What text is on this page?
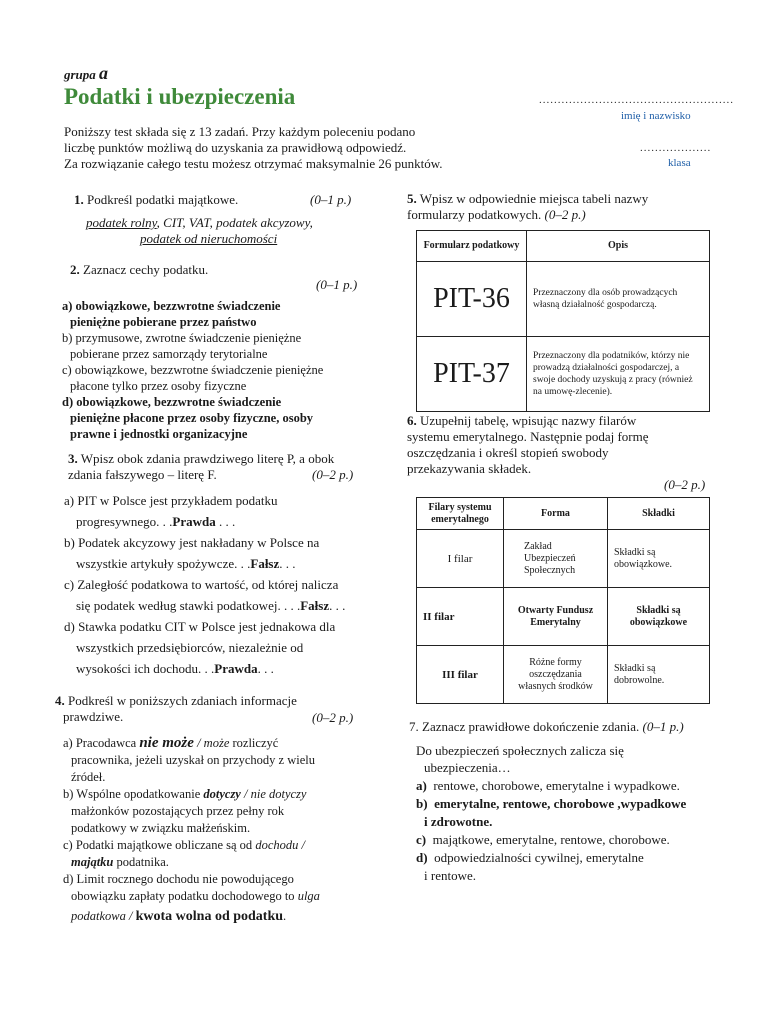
grupa a
Podatki i ubezpieczenia	....................................................
imię i nazwisko
...................
klasa
Poniższy test składa się z 13 zadań. Przy każdym poleceniu podano
liczbę punktów możliwą do uzyskania za prawidłową odpowiedź.
Za rozwiązanie całego testu możesz otrzymać maksymalnie 26 punktów.
1. Podkreśl podatki majątkowe.	(0–1 p.)
podatek rolny, CIT, VAT, podatek akcyzowy,
podatek od nieruchomości
2. Zaznacz cechy podatku.
(0–1 p.)
a) obowiązkowe, bezzwrotne świadczenie
pieniężne pobierane przez państwo
b) przymusowe, zwrotne świadczenie pieniężne
pobierane przez samorządy terytorialne
c) obowiązkowe, bezzwrotne świadczenie pieniężne
płacone tylko przez osoby fizyczne
d) obowiązkowe, bezzwrotne świadczenie
pieniężne płacone przez osoby fizyczne, osoby
prawne i jednostki organizacyjne
3. Wpisz obok zdania prawdziwego literę P, a obok
zdania fałszywego – literę F.	(0–2 p.)
a) PIT w Polsce jest przykładem podatku
progresywnego. . .Prawda . . .
b) Podatek akcyzowy jest nakładany w Polsce na
wszystkie artykuły spożywcze. . .Fałsz. . .
c) Zaległość podatkowa to wartość, od której nalicza
się podatek według stawki podatkowej. . . .Fałsz. . .
d) Stawka podatku CIT w Polsce jest jednakowa dla
wszystkich przedsiębiorców, niezależnie od
wysokości ich dochodu. . .Prawda. . .
4. Podkreśl w poniższych zdaniach informacje
prawdziwe.	(0–2 p.)
a) Pracodawca nie może / może rozliczyć
pracownika, jeżeli uzyskał on przychody z wielu
źródeł.
b) Wspólne opodatkowanie dotyczy / nie dotyczy
małżonków pozostających przez pełny rok
podatkowy w związku małżeńskim.
c) Podatki majątkowe obliczane są od dochodu /
majątku podatnika.
d) Limit rocznego dochodu nie powodującego
obowiązku zapłaty podatku dochodowego to ulga
podatkowa / kwota wolna od podatku.
5. Wpisz w odpowiednie miejsca tabeli nazwy
formularzy podatkowych. (0–2 p.)
Formularz podatkowy	Opis
PIT-36	Przeznaczony dla osób prowadzących własną działalność gospodarczą.
PIT-37	Przeznaczony dla podatników, którzy nie prowadzą działalności gospodarczej, a swoje dochody uzyskują z pracy (również na umowę-zlecenie).
6. Uzupełnij tabelę, wpisując nazwy filarów
systemu emerytalnego. Następnie podaj formę
oszczędzania i określ stopień swobody
przekazywania składek.
(0–2 p.)
Filary systemu emerytalnego	Forma	Składki
I filar	Zakład Ubezpieczeń Społecznych	Składki są obowiązkowe.
II filar	Otwarty Fundusz Emerytalny	Składki są obowiązkowe
III filar	Różne formy oszczędzania własnych środków	Składki są dobrowolne.
7. Zaznacz prawidłowe dokończenie zdania. (0–1 p.)
Do ubezpieczeń społecznych zalicza się
ubezpieczenia…
a) rentowe, chorobowe, emerytalne i wypadkowe.
b) emerytalne, rentowe, chorobowe ,wypadkowe
i zdrowotne.
c) majątkowe, emerytalne, rentowe, chorobowe.
d) odpowiedzialności cywilnej, emerytalne
i rentowe.
